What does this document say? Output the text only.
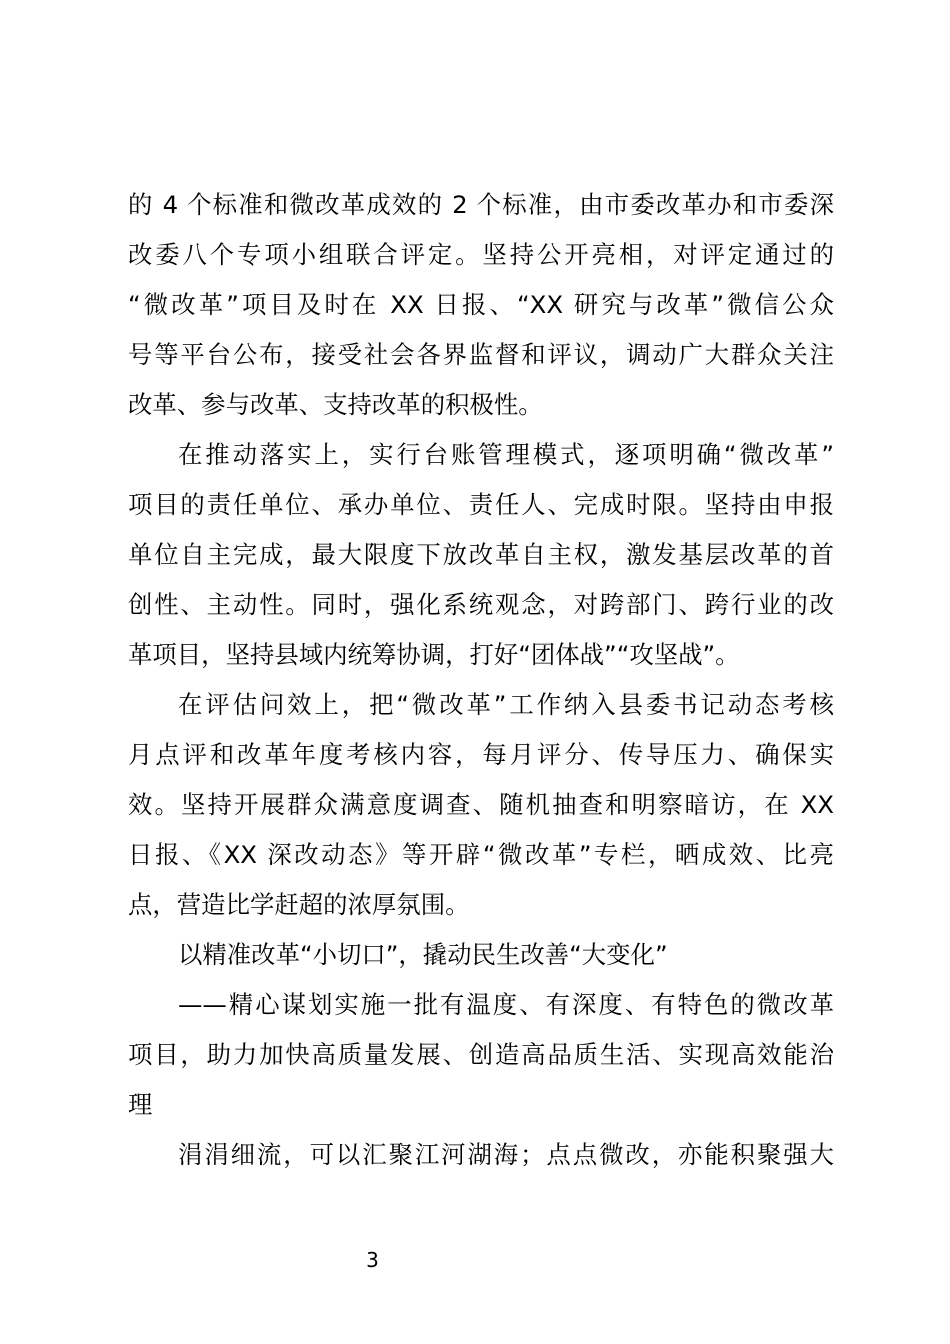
的 4 个标准和微改革成效的 2 个标准，由市委改革办和市委深
改委八个专项小组联合评定。坚持公开亮相，对评定通过的
“微改革”项目及时在 XX 日报、“XX 研究与改革”微信公众
号等平台公布，接受社会各界监督和评议，调动广大群众关注
改革、参与改革、支持改革的积极性。
在推动落实上，实行台账管理模式，逐项明确“微改革”
项目的责任单位、承办单位、责任人、完成时限。坚持由申报
单位自主完成，最大限度下放改革自主权，激发基层改革的首
创性、主动性。同时，强化系统观念，对跨部门、跨行业的改
革项目，坚持县域内统筹协调，打好“团体战”“攻坚战”。
在评估问效上，把“微改革”工作纳入县委书记动态考核
月点评和改革年度考核内容，每月评分、传导压力、确保实
效。坚持开展群众满意度调查、随机抽查和明察暗访，在 XX
日报、《XX 深改动态》等开辟“微改革”专栏，晒成效、比亮
点，营造比学赶超的浓厚氛围。
以精准改革“小切口”，撬动民生改善“大变化”
——精心谋划实施一批有温度、有深度、有特色的微改革
项目，助力加快高质量发展、创造高品质生活、实现高效能治
理
涓涓细流，可以汇聚江河湖海；点点微改，亦能积聚强大
3
